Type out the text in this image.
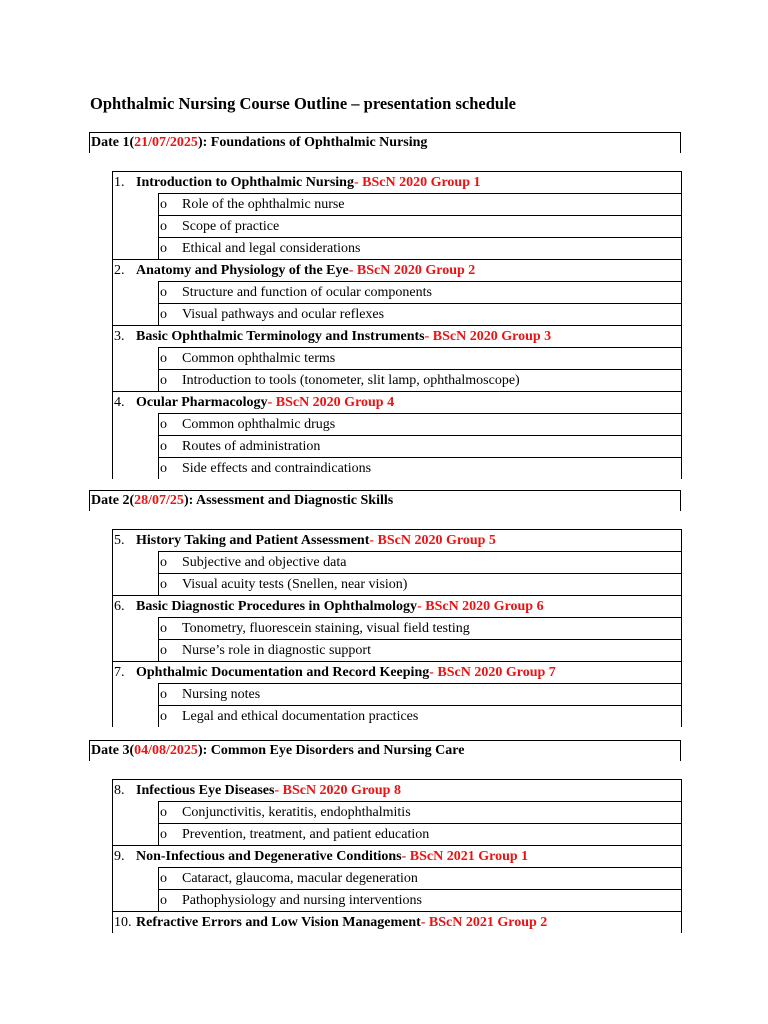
Ophthalmic Nursing Course Outline – presentation schedule
Date 1(21/07/2025): Foundations of Ophthalmic Nursing
1. Introduction to Ophthalmic Nursing- BScN 2020 Group 1
o Role of the ophthalmic nurse
o Scope of practice
o Ethical and legal considerations
2. Anatomy and Physiology of the Eye- BScN 2020 Group 2
o Structure and function of ocular components
o Visual pathways and ocular reflexes
3. Basic Ophthalmic Terminology and Instruments- BScN 2020 Group 3
o Common ophthalmic terms
o Introduction to tools (tonometer, slit lamp, ophthalmoscope)
4. Ocular Pharmacology- BScN 2020 Group 4
o Common ophthalmic drugs
o Routes of administration
o Side effects and contraindications
Date 2(28/07/25): Assessment and Diagnostic Skills
5. History Taking and Patient Assessment- BScN 2020 Group 5
o Subjective and objective data
o Visual acuity tests (Snellen, near vision)
6. Basic Diagnostic Procedures in Ophthalmology- BScN 2020 Group 6
o Tonometry, fluorescein staining, visual field testing
o Nurse’s role in diagnostic support
7. Ophthalmic Documentation and Record Keeping- BScN 2020 Group 7
o Nursing notes
o Legal and ethical documentation practices
Date 3(04/08/2025): Common Eye Disorders and Nursing Care
8. Infectious Eye Diseases- BScN 2020 Group 8
o Conjunctivitis, keratitis, endophthalmitis
o Prevention, treatment, and patient education
9. Non-Infectious and Degenerative Conditions- BScN 2021 Group 1
o Cataract, glaucoma, macular degeneration
o Pathophysiology and nursing interventions
10. Refractive Errors and Low Vision Management- BScN 2021 Group 2
